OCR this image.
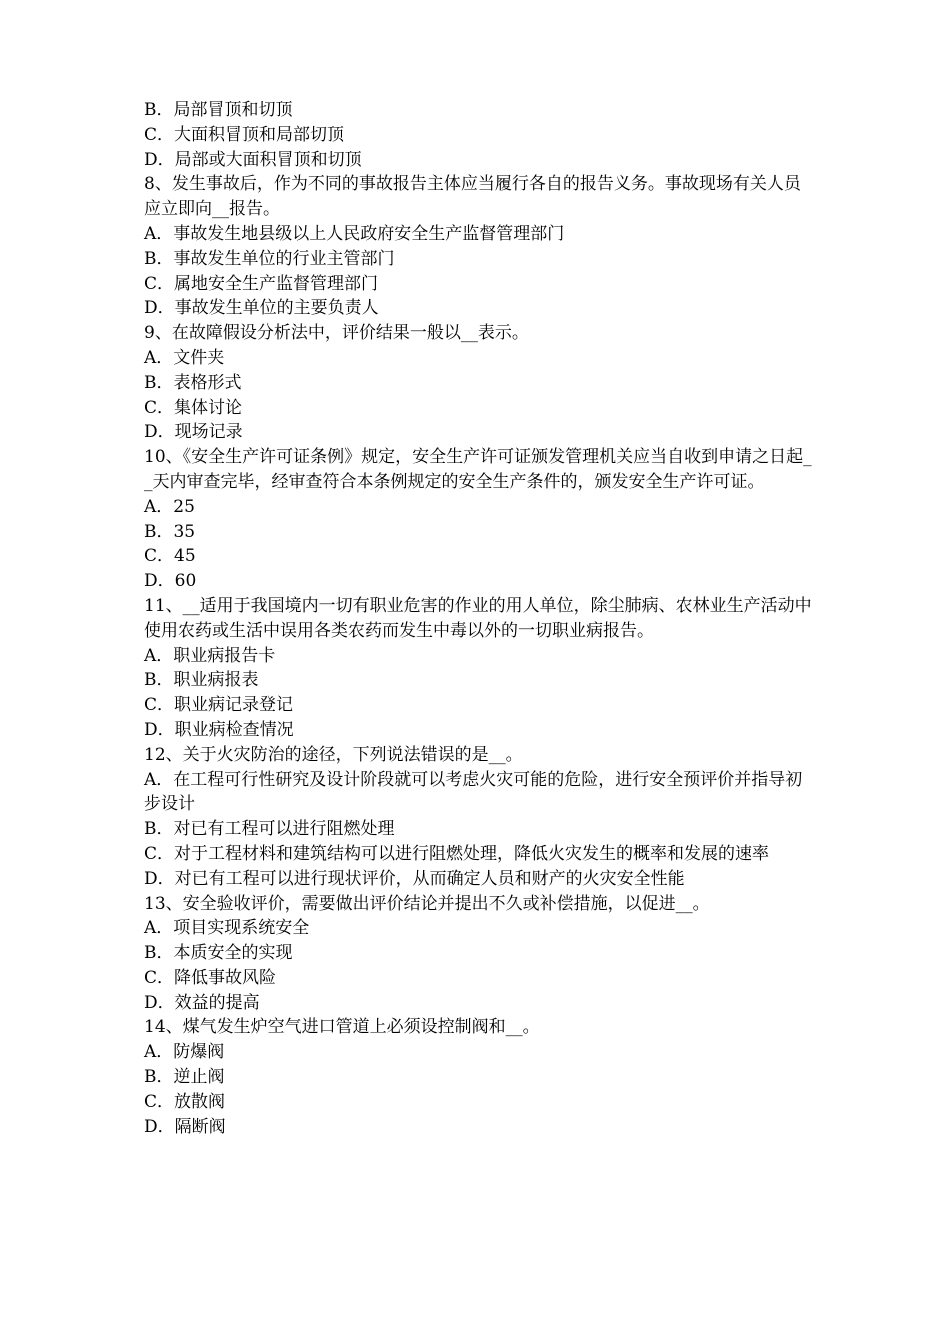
B．局部冒顶和切顶

C．大面积冒顶和局部切顶

D．局部或大面积冒顶和切顶

8、发生事故后，作为不同的事故报告主体应当履行各自的报告义务。事故现场有关人员应立即向__报告。

A．事故发生地县级以上人民政府安全生产监督管理部门

B．事故发生单位的行业主管部门

C．属地安全生产监督管理部门

D．事故发生单位的主要负责人

9、在故障假设分析法中，评价结果一般以__表示。

A．文件夹

B．表格形式

C．集体讨论

D．现场记录

10、《安全生产许可证条例》规定，安全生产许可证颁发管理机关应当自收到申请之日起__天内审查完毕，经审查符合本条例规定的安全生产条件的，颁发安全生产许可证。

A．25

B．35

C．45

D．60

11、__适用于我国境内一切有职业危害的作业的用人单位，除尘肺病、农林业生产活动中使用农药或生活中误用各类农药而发生中毒以外的一切职业病报告。

A．职业病报告卡

B．职业病报表

C．职业病记录登记

D．职业病检查情况

12、关于火灾防治的途径，下列说法错误的是__。

A．在工程可行性研究及设计阶段就可以考虑火灾可能的危险，进行安全预评价并指导初步设计

B．对已有工程可以进行阻燃处理

C．对于工程材料和建筑结构可以进行阻燃处理，降低火灾发生的概率和发展的速率

D．对已有工程可以进行现状评价，从而确定人员和财产的火灾安全性能

13、安全验收评价，需要做出评价结论并提出不久或补偿措施，以促进__。

A．项目实现系统安全

B．本质安全的实现

C．降低事故风险

D．效益的提高

14、煤气发生炉空气进口管道上必须设控制阀和__。

A．防爆阀

B．逆止阀

C．放散阀

D．隔断阀
